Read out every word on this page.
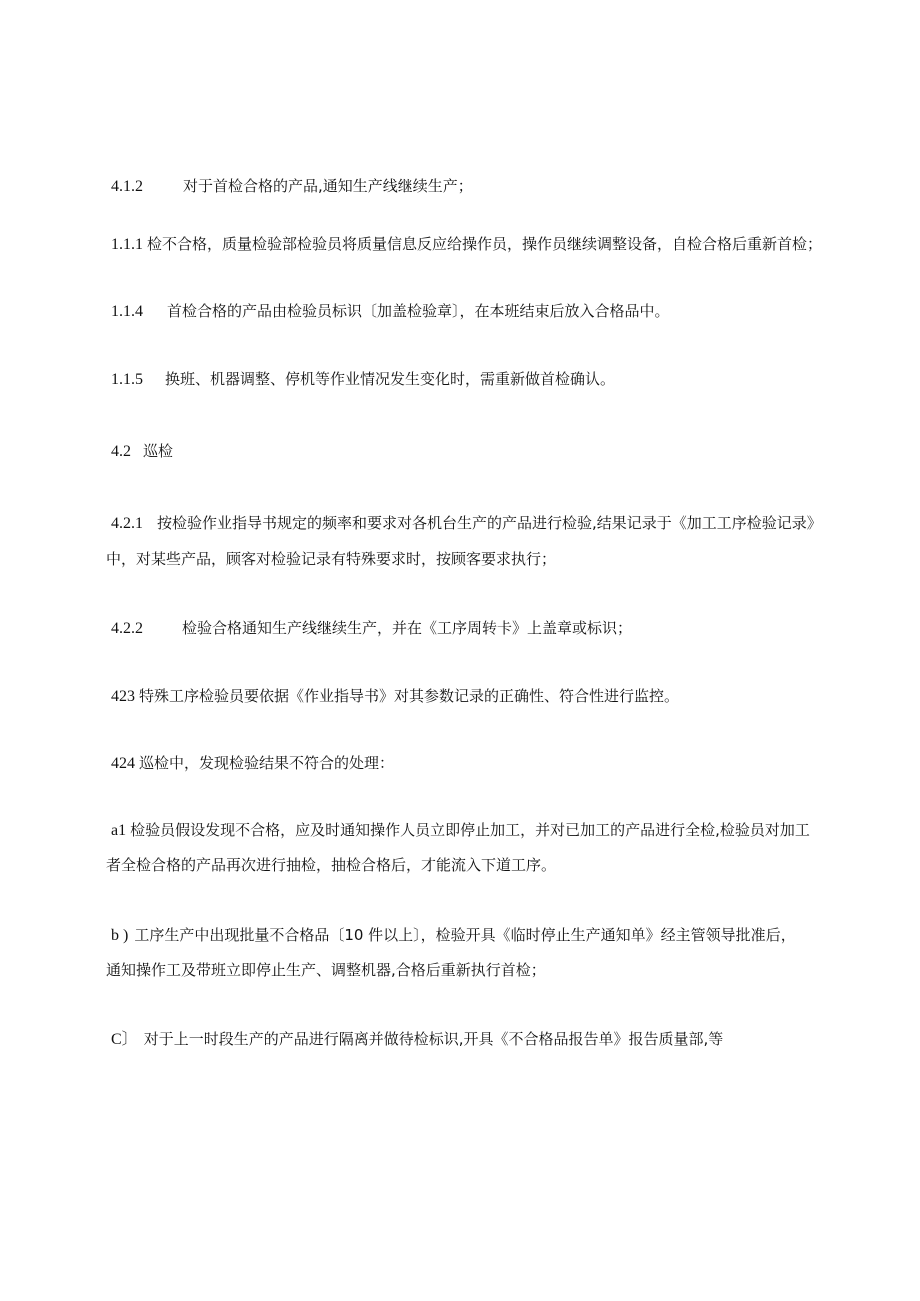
4.1.2	对于首检合格的产品,通知生产线继续生产；
1.1.1 检不合格，质量检验部检验员将质量信息反应给操作员，操作员继续调整设备，自检合格后重新首检；
1.1.4 首检合格的产品由检验员标识〔加盖检验章〕，在本班结束后放入合格品中。
1.1.5 换班、机器调整、停机等作业情况发生变化时，需重新做首检确认。
4.2 巡检
4.2.1 按检验作业指导书规定的频率和要求对各机台生产的产品进行检验,结果记录于《加工工序检验记录》
中，对某些产品，顾客对检验记录有特殊要求时，按顾客要求执行；
4.2.2	检验合格通知生产线继续生产，并在《工序周转卡》上盖章或标识；
423 特殊工序检验员要依据《作业指导书》对其参数记录的正确性、符合性进行监控。
424 巡检中，发现检验结果不符合的处理：
a1 检验员假设发现不合格，应及时通知操作人员立即停止加工，并对已加工的产品进行全检,检验员对加工
者全检合格的产品再次进行抽检，抽检合格后，才能流入下道工序。
b ) 工序生产中出现批量不合格品〔10 件以上〕，检验开具《临时停止生产通知单》经主管领导批准后，
通知操作工及带班立即停止生产、调整机器,合格后重新执行首检；
C〕 对于上一时段生产的产品进行隔离并做待检标识,开具《不合格品报告单》报告质量部,等
